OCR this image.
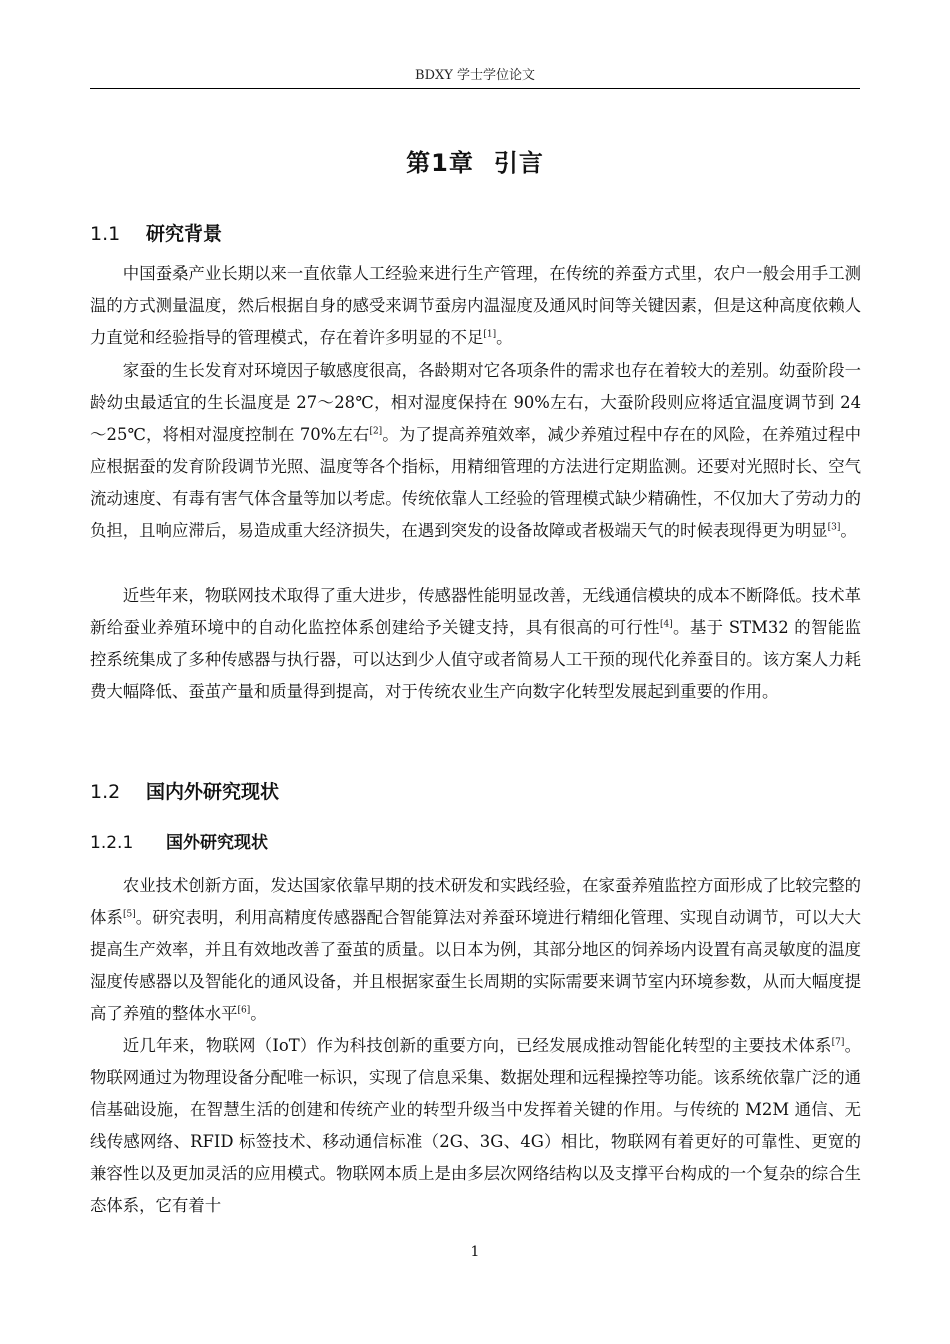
BDXY 学士学位论文
第1章 引言
1.1 研究背景

中国蚕桑产业长期以来一直依靠人工经验来进行生产管理，在传统的养蚕方式里，农户一般会用手工测温的方式测量温度，然后根据自身的感受来调节蚕房内温湿度及通风时间等关键因素，但是这种高度依赖人力直觉和经验指导的管理模式，存在着许多明显的不足[1]。

家蚕的生长发育对环境因子敏感度很高，各龄期对它各项条件的需求也存在着较大的差别。幼蚕阶段一龄幼虫最适宜的生长温度是 27～28℃，相对湿度保持在 90%左右，大蚕阶段则应将适宜温度调节到 24～25℃，将相对湿度控制在 70%左右[2]。为了提高养殖效率，减少养殖过程中存在的风险，在养殖过程中应根据蚕的发育阶段调节光照、温度等各个指标，用精细管理的方法进行定期监测。还要对光照时长、空气流动速度、有毒有害气体含量等加以考虑。传统依靠人工经验的管理模式缺少精确性，不仅加大了劳动力的负担，且响应滞后，易造成重大经济损失，在遇到突发的设备故障或者极端天气的时候表现得更为明显[3]。

近些年来，物联网技术取得了重大进步，传感器性能明显改善，无线通信模块的成本不断降低。技术革新给蚕业养殖环境中的自动化监控体系创建给予关键支持，具有很高的可行性[4]。基于 STM32 的智能监控系统集成了多种传感器与执行器，可以达到少人值守或者简易人工干预的现代化养蚕目的。该方案人力耗费大幅降低、蚕茧产量和质量得到提高，对于传统农业生产向数字化转型发展起到重要的作用。

1.2 国内外研究现状
1.2.1 国外研究现状

农业技术创新方面，发达国家依靠早期的技术研发和实践经验，在家蚕养殖监控方面形成了比较完整的体系[5]。研究表明，利用高精度传感器配合智能算法对养蚕环境进行精细化管理、实现自动调节，可以大大提高生产效率，并且有效地改善了蚕茧的质量。以日本为例，其部分地区的饲养场内设置有高灵敏度的温度湿度传感器以及智能化的通风设备，并且根据家蚕生长周期的实际需要来调节室内环境参数，从而大幅度提高了养殖的整体水平[6]。

近几年来，物联网（IoT）作为科技创新的重要方向，已经发展成推动智能化转型的主要技术体系[7]。物联网通过为物理设备分配唯一标识，实现了信息采集、数据处理和远程操控等功能。该系统依靠广泛的通信基础设施，在智慧生活的创建和传统产业的转型升级当中发挥着关键的作用。与传统的 M2M 通信、无线传感网络、RFID 标签技术、移动通信标准（2G、3G、4G）相比，物联网有着更好的可靠性、更宽的兼容性以及更加灵活的应用模式。物联网本质上是由多层次网络结构以及支撑平台构成的一个复杂的综合生态体系，它有着十

1
